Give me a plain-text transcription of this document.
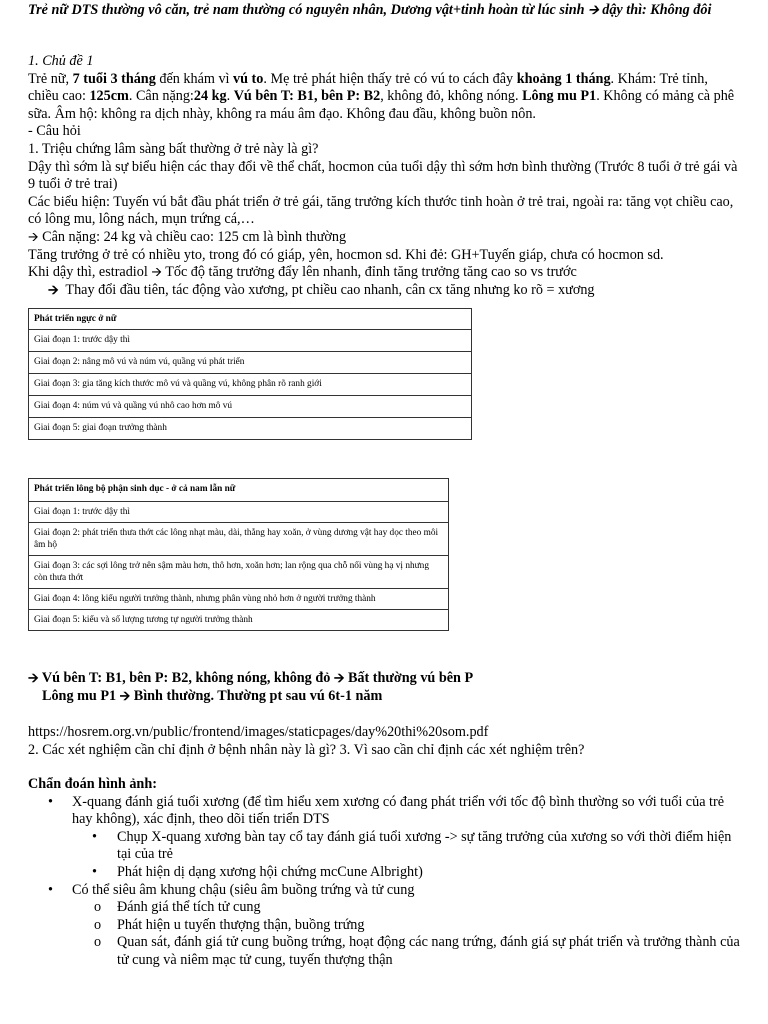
Trẻ nữ DTS thường vô căn, trẻ nam thường có nguyên nhân, Dương vật+tinh hoàn từ lúc sinh 🡪 dậy thì: Không đôi

1. Chủ đề 1

Trẻ nữ, 7 tuổi 3 tháng đến khám vì vú to. Mẹ trẻ phát hiện thấy trẻ có vú to cách đây khoảng 1 tháng. Khám: Trẻ tỉnh, chiều cao: 125cm. Cân nặng:24 kg. Vú bên T: B1, bên P: B2, không đỏ, không nóng. Lông mu P1. Không có mảng cà phê sữa. Âm hộ: không ra dịch nhày, không ra máu âm đạo. Không đau đầu, không buồn nôn.

- Câu hỏi

1. Triệu chứng lâm sàng bất thường ở trẻ này là gì?

Dậy thì sớm là sự biểu hiện các thay đổi về thể chất, hocmon của tuổi dậy thì sớm hơn bình thường (Trước 8 tuổi ở trẻ gái và 9 tuổi ở trẻ trai)

Các biểu hiện: Tuyến vú bắt đầu phát triển ở trẻ gái, tăng trưởng kích thước tinh hoàn ở trẻ trai, ngoài ra: tăng vọt chiều cao, có lông mu, lông nách, mụn trứng cá,…

🡪 Cân nặng: 24 kg và chiều cao: 125 cm là bình thường

Tăng trưởng ở trẻ có nhiều yto, trong đó có giáp, yên, hocmon sd. Khi đẻ: GH+Tuyến giáp, chưa có hocmon sd.

Khi dậy thì, estradiol 🡪 Tốc độ tăng trưởng đẩy lên nhanh, đỉnh tăng trưởng tăng cao so vs trước

🡪 Thay đổi đầu tiên, tác động vào xương, pt chiều cao nhanh, cân cx tăng nhưng ko rõ = xương

Phát triển ngực ở nữ
Giai đoạn 1: trước dậy thì
Giai đoạn 2: nâng mô vú và núm vú, quầng vú phát triển
Giai đoạn 3: gia tăng kích thước mô vú và quầng vú, không phân rõ ranh giới
Giai đoạn 4: núm vú và quầng vú nhô cao hơn mô vú
Giai đoạn 5: giai đoạn trưởng thành
Phát triển lông bộ phận sinh dục - ở cả nam lẫn nữ
Giai đoạn 1: trước dậy thì
Giai đoạn 2: phát triển thưa thớt các lông nhạt màu, dài, thẳng hay xoăn, ở vùng dương vật hay dọc theo môi âm hộ
Giai đoạn 3: các sợi lông trở nên sậm màu hơn, thô hơn, xoăn hơn; lan rộng qua chỗ nối vùng hạ vị nhưng còn thưa thớt
Giai đoạn 4: lông kiểu người trưởng thành, nhưng phân vùng nhỏ hơn ở người trưởng thành
Giai đoạn 5: kiểu và số lượng tương tự người trưởng thành

🡪 Vú bên T: B1, bên P: B2, không nóng, không đỏ 🡪 Bất thường vú bên P

Lông mu P1 🡪 Bình thường. Thường pt sau vú 6t-1 năm

https://hosrem.org.vn/public/frontend/images/staticpages/day%20thi%20som.pdf

2. Các xét nghiệm cần chỉ định ở bệnh nhân này là gì? 3. Vì sao cần chỉ định các xét nghiệm trên?

Chẩn đoán hình ảnh:

• X-quang đánh giá tuổi xương (để tìm hiểu xem xương có đang phát triển với tốc độ bình thường so với tuổi của trẻ hay không), xác định, theo dõi tiến triển DTS
• Chụp X-quang xương bàn tay cổ tay đánh giá tuổi xương -> sự tăng trưởng của xương so với thời điểm hiện tại của trẻ
• Phát hiện dị dạng xương hội chứng mcCune Albright)
• Có thể siêu âm khung chậu (siêu âm buồng trứng và tử cung
o Đánh giá thể tích tử cung
o Phát hiện u tuyến thượng thận, buồng trứng
o Quan sát, đánh giá tử cung buồng trứng, hoạt động các nang trứng, đánh giá sự phát triển và trưởng thành của tử cung và niêm mạc tử cung, tuyến thượng thận
